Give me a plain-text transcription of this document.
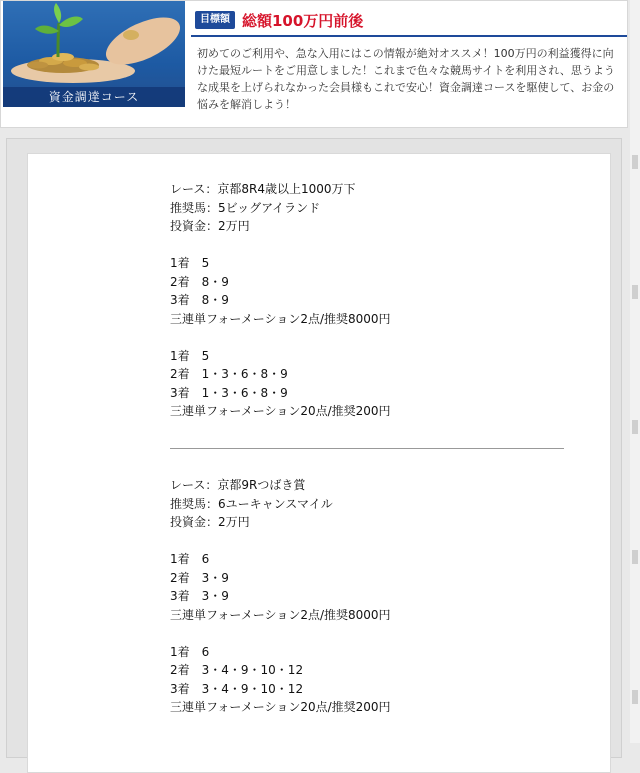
資金調達コース
目標額 総額100万円前後

初めてのご利用や、急な入用にはこの情報が絶対オススメ！100万円の利益獲得に向けた最短ルートをご用意しました！これまで色々な競馬サイトを利用され、思うような成果を上げられなかった会員様もこれで安心！資金調達コースを駆使して、お金の悩みを解消しよう！

レース：京都8R4歳以上1000万下
推奨馬：5ビッグアイランド
投資金：2万円
1着　5
2着　8・9
3着　8・9
三連単フォーメーション2点/推奨8000円
1着　5
2着　1・3・6・8・9
3着　1・3・6・8・9
三連単フォーメーション20点/推奨200円
レース：京都9Rつばき賞
推奨馬：6ユーキャンスマイル
投資金：2万円
1着　6
2着　3・9
3着　3・9
三連単フォーメーション2点/推奨8000円
1着　6
2着　3・4・9・10・12
3着　3・4・9・10・12
三連単フォーメーション20点/推奨200円
